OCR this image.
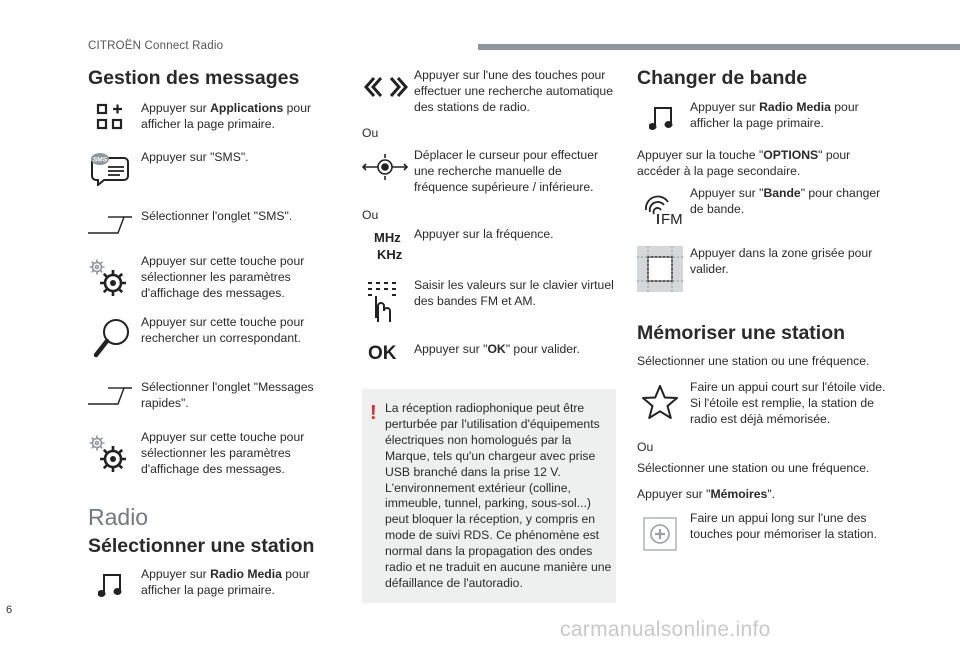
CITROËN Connect Radio
Gestion des messages
Appuyer sur Applications pour afficher la page primaire.
SMS	Appuyer sur "SMS".
Sélectionner l'onglet "SMS".
Appuyer sur cette touche pour sélectionner les paramètres d'affichage des messages.
Appuyer sur cette touche pour rechercher un correspondant.
Sélectionner l'onglet "Messages rapides".
Appuyer sur cette touche pour sélectionner les paramètres d'affichage des messages.
Radio
Sélectionner une station
Appuyer sur Radio Media pour afficher la page primaire.
Appuyer sur l'une des touches pour effectuer une recherche automatique des stations de radio.
Ou
Déplacer le curseur pour effectuer une recherche manuelle de fréquence supérieure / inférieure.
Ou
MHz
KHz
Appuyer sur la fréquence.
Saisir les valeurs sur le clavier virtuel des bandes FM et AM.
OK Appuyer sur "OK" pour valider.
! La réception radiophonique peut être perturbée par l'utilisation d'équipements électriques non homologués par la Marque, tels qu'un chargeur avec prise USB branché dans la prise 12 V. L'environnement extérieur (colline, immeuble, tunnel, parking, sous-sol...) peut bloquer la réception, y compris en mode de suivi RDS. Ce phénomène est normal dans la propagation des ondes radio et ne traduit en aucune manière une défaillance de l'autoradio.
Changer de bande
Appuyer sur Radio Media pour afficher la page primaire.
Appuyer sur la touche "OPTIONS" pour accéder à la page secondaire.
FM
Appuyer sur "Bande" pour changer de bande.
Appuyer dans la zone grisée pour valider.
Mémoriser une station
Sélectionner une station ou une fréquence.
Faire un appui court sur l'étoile vide. Si l'étoile est remplie, la station de radio est déjà mémorisée.
Ou
Sélectionner une station ou une fréquence.
Appuyer sur "Mémoires".
Faire un appui long sur l'une des touches pour mémoriser la station.
6
carmanualsonline.info
